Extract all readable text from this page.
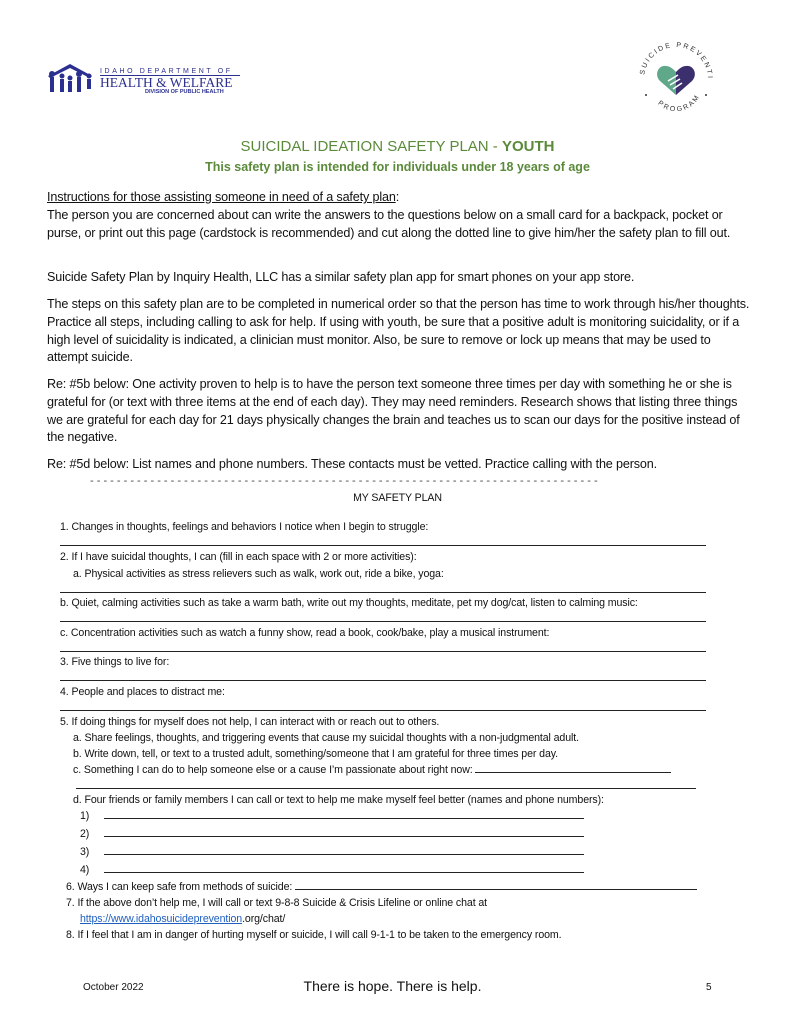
IDAHO DEPARTMENT OF
HEALTH & WELFARE
DIVISION OF PUBLIC HEALTH
SUICIDE PREVENTI
PROGRAM
SUICIDAL IDEATION SAFETY PLAN - YOUTH
This safety plan is intended for individuals under 18 years of age
Instructions for those assisting someone in need of a safety plan:
The person you are concerned about can write the answers to the questions below on a small card for a backpack, pocket or purse, or print out this page (cardstock is recommended) and cut along the dotted line to give him/her the safety plan to fill out.
Suicide Safety Plan by Inquiry Health, LLC has a similar safety plan app for smart phones on your app store.
The steps on this safety plan are to be completed in numerical order so that the person has time to work through his/her thoughts. Practice all steps, including calling to ask for help. If using with youth, be sure that a positive adult is monitoring suicidality, or if a high level of suicidality is indicated, a clinician must monitor. Also, be sure to remove or lock up means that may be used to attempt suicide.
Re: #5b below: One activity proven to help is to have the person text someone three times per day with something he or she is grateful for (or text with three items at the end of each day). They may need reminders. Research shows that listing three things we are grateful for each day for 21 days physically changes the brain and teaches us to scan our days for the positive instead of the negative.
Re: #5d below: List names and phone numbers. These contacts must be vetted. Practice calling with the person.
- - - - - - - - - - - - - - - - - - - - - - - - - - - - - - - - - - - - - - - - - - - - - - - - - - - - - - - - - - - - - - - - - - - - - - - - - - - -
MY SAFETY PLAN
1. Changes in thoughts, feelings and behaviors I notice when I begin to struggle:
2. If I have suicidal thoughts, I can (fill in each space with 2 or more activities):
a. Physical activities as stress relievers such as walk, work out, ride a bike, yoga:
b. Quiet, calming activities such as take a warm bath, write out my thoughts, meditate, pet my dog/cat, listen to calming music:
c. Concentration activities such as watch a funny show, read a book, cook/bake, play a musical instrument:
3. Five things to live for:
4. People and places to distract me:
5. If doing things for myself does not help, I can interact with or reach out to others.
a. Share feelings, thoughts, and triggering events that cause my suicidal thoughts with a non-judgmental adult.
b. Write down, tell, or text to a trusted adult, something/someone that I am grateful for three times per day.
c. Something I can do to help someone else or a cause I’m passionate about right now:
d. Four friends or family members I can call or text to help me make myself feel better (names and phone numbers):
1)
2)
3)
4)
6. Ways I can keep safe from methods of suicide:
7. If the above don’t help me, I will call or text 9-8-8 Suicide & Crisis Lifeline or online chat at
https://www.idahosuicideprevention.org/chat/
8. If I feel that I am in danger of hurting myself or suicide, I will call 9-1-1 to be taken to the emergency room.
October 2022	There is hope. There is help.	5
